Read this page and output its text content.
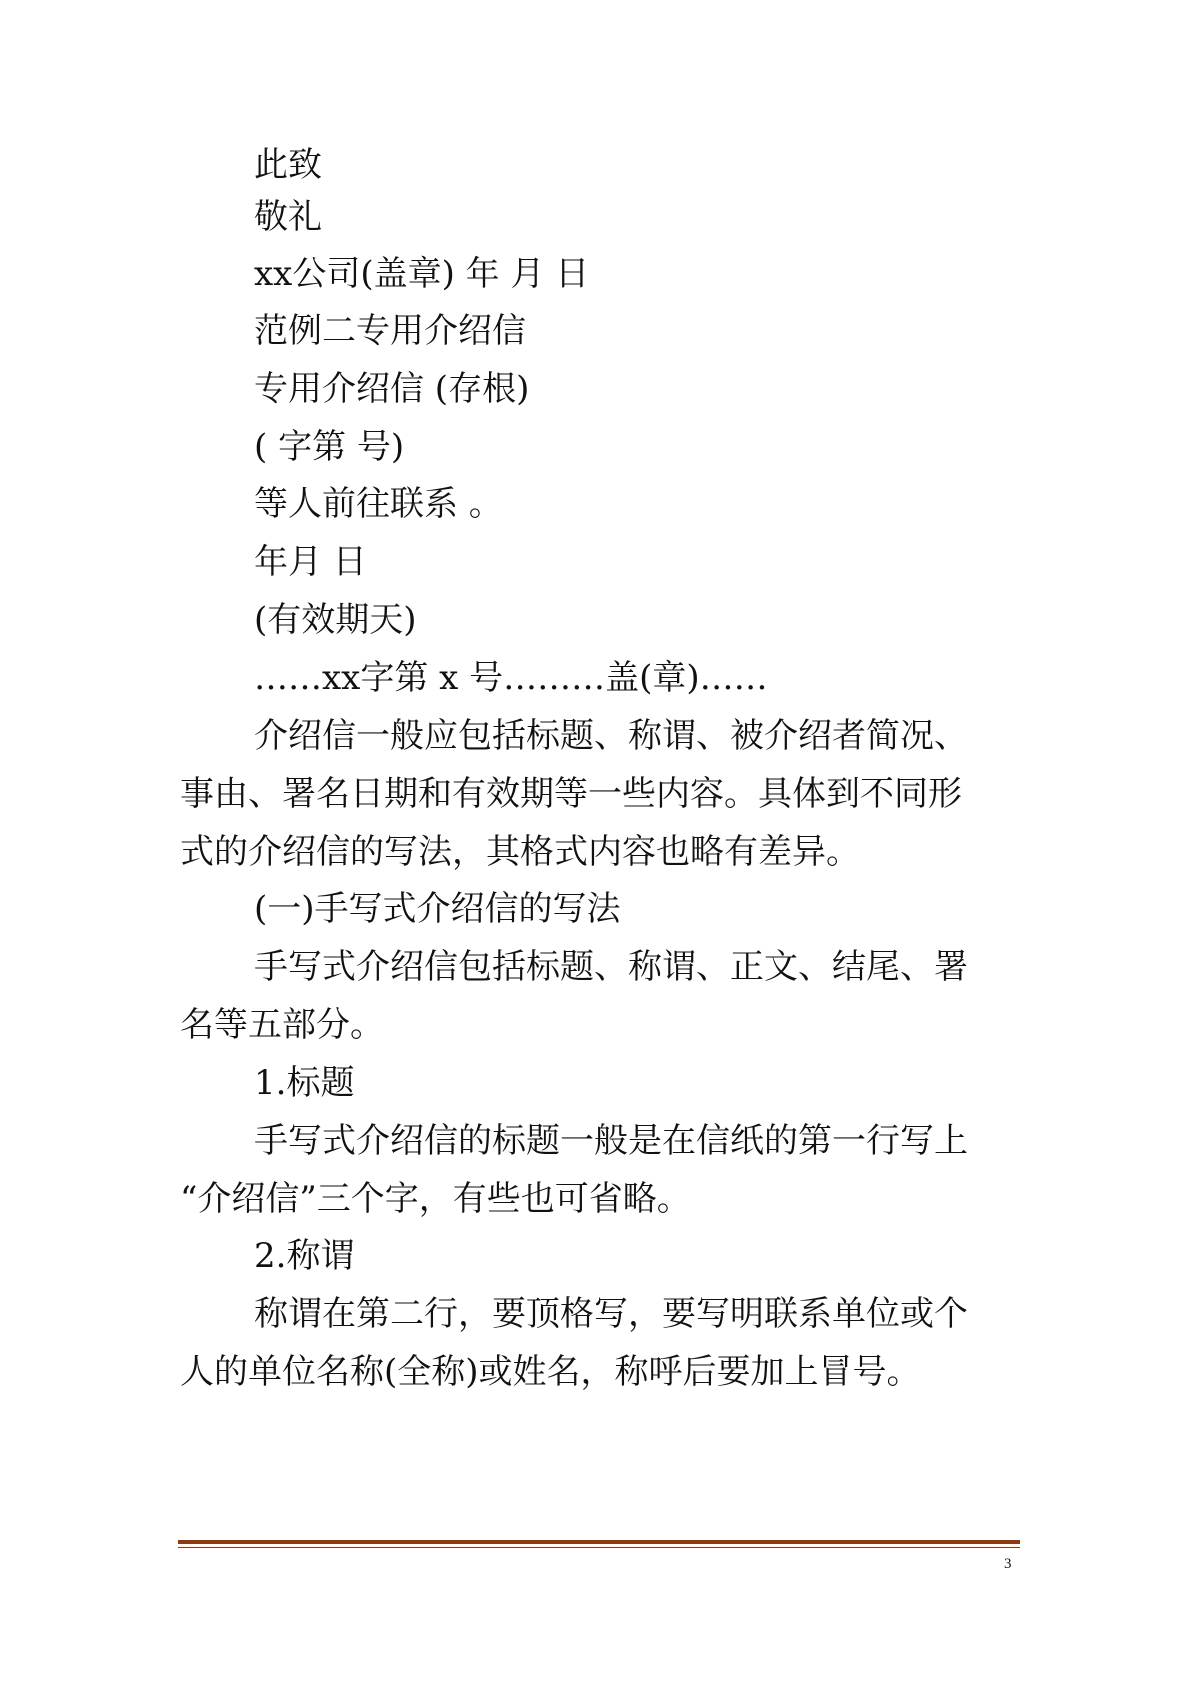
此致
敬礼
xx公司(盖章) 年 月 日
范例二专用介绍信
专用介绍信 (存根)
( 字第 号)
等人前往联系 。
年月 日
(有效期天)
……xx字第 x 号………盖(章)……
介绍信一般应包括标题、称谓、被介绍者简况、
事由、署名日期和有效期等一些内容。具体到不同形
式的介绍信的写法，其格式内容也略有差异。
(一)手写式介绍信的写法
手写式介绍信包括标题、称谓、正文、结尾、署
名等五部分。
1.标题
手写式介绍信的标题一般是在信纸的第一行写上
“介绍信”三个字，有些也可省略。
2.称谓
称谓在第二行，要顶格写，要写明联系单位或个
人的单位名称(全称)或姓名，称呼后要加上冒号。
3
